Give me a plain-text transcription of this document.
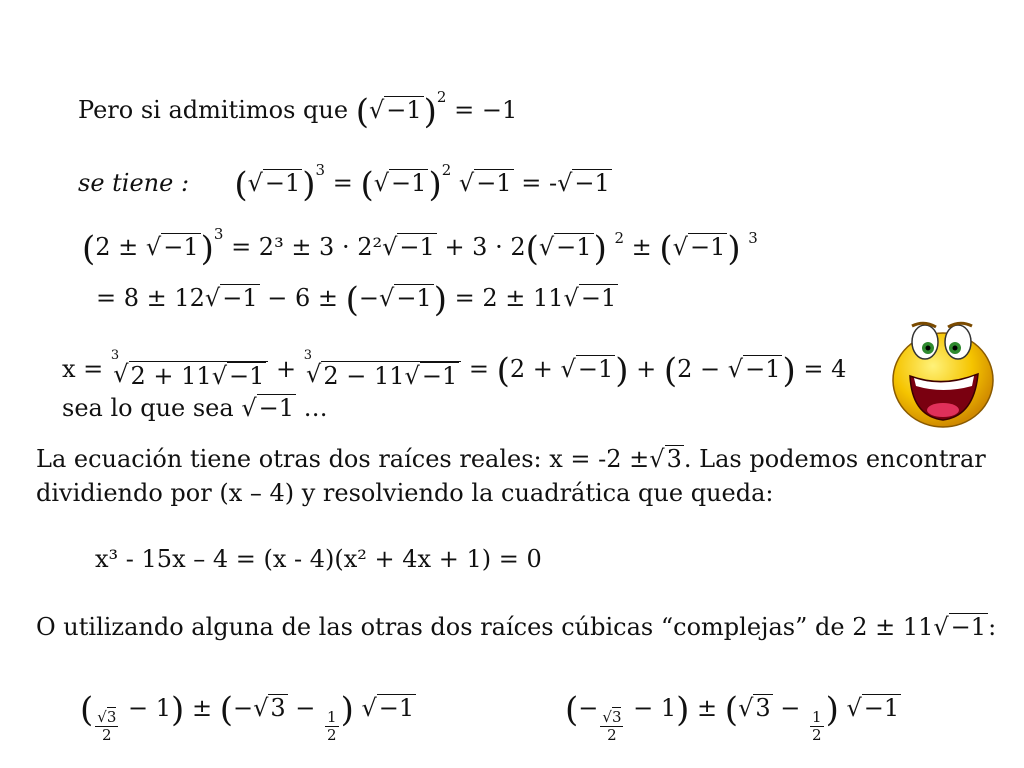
Pero si admitimos que $(√-1)^2 = -1$
se tiene : $(√-1)^3 = (√-1)^2$ √−1 = -√−1
$(2 \pm √-1)^3 = 2^3 \pm 3 \cdot 2^2√-1 + 3 \cdot 2(√-1)$ $^2$ ± (√−1) $^3$
= 8 ± 12√−1 − 6 ± (−√−1) = 2 ± 11√−1
x = 3
√ 2 + 11√−1 + 3
√ 2 − 11√−1 = (2 + √−1) + (2 − √−1) = 4
sea lo que sea √−1 …
La ecuación tiene otras dos raíces reales: x = -2 ±√3. Las podemos encontrar
dividiendo por (x – 4) y resolviendo la cuadrática que queda:
x³ - 15x – 4 = (x - 4)(x² + 4x + 1) = 0
O utilizando alguna de las otras dos raíces cúbicas “complejas” de 2 ± 11√−1:
( $\frac{√3}{2}$
− 1) ± (−√3 −
$\frac{1}{2}$ ) √−1	(−
$\frac{√3}{2}$
− 1) ± (√3 −
$\frac{1}{2}$ ) √−1
